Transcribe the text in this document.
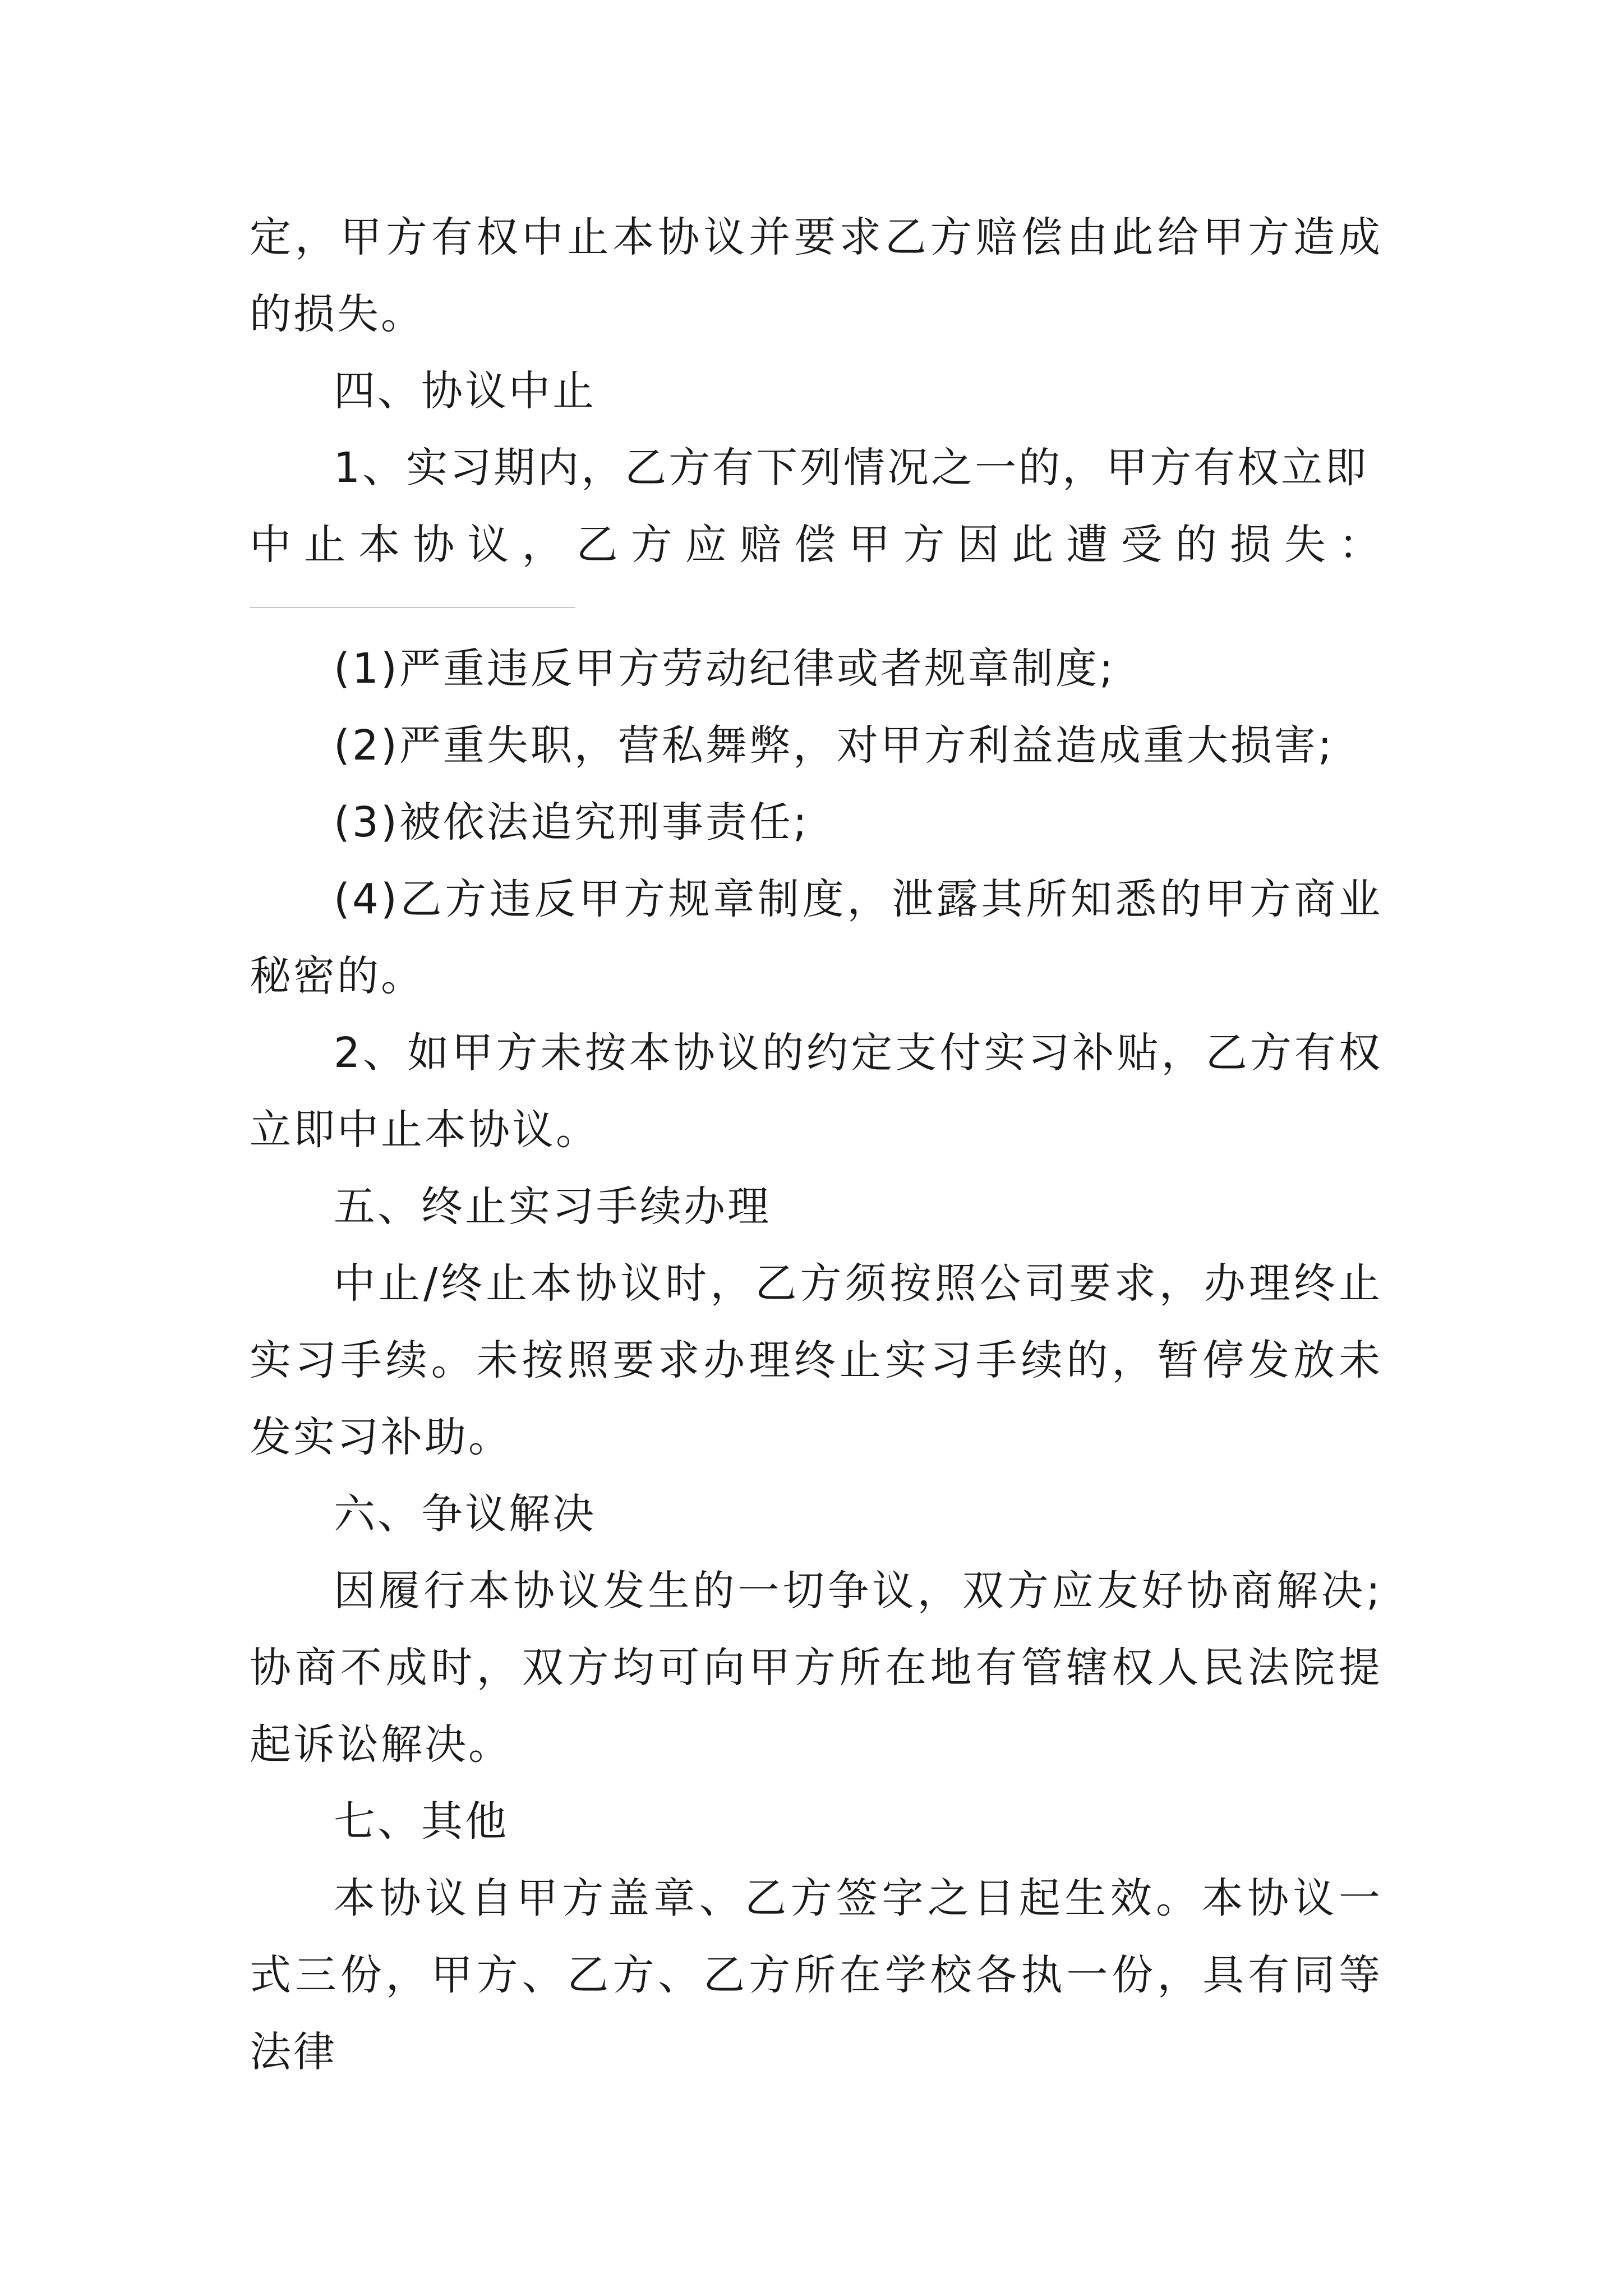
定，甲方有权中止本协议并要求乙方赔偿由此给甲方造成的损失。

四、协议中止

1、实习期内，乙方有下列情况之一的，甲方有权立即

中止本协议，乙方应赔偿甲方因此遭受的损失：

(1)严重违反甲方劳动纪律或者规章制度;

(2)严重失职，营私舞弊，对甲方利益造成重大损害;

(3)被依法追究刑事责任;

(4)乙方违反甲方规章制度，泄露其所知悉的甲方商业秘密的。

2、如甲方未按本协议的约定支付实习补贴，乙方有权立即中止本协议。

五、终止实习手续办理

中止/终止本协议时，乙方须按照公司要求，办理终止实习手续。未按照要求办理终止实习手续的，暂停发放未发实习补助。

六、争议解决

因履行本协议发生的一切争议，双方应友好协商解决;协商不成时，双方均可向甲方所在地有管辖权人民法院提起诉讼解决。

七、其他

本协议自甲方盖章、乙方签字之日起生效。本协议一式三份，甲方、乙方、乙方所在学校各执一份，具有同等法律
